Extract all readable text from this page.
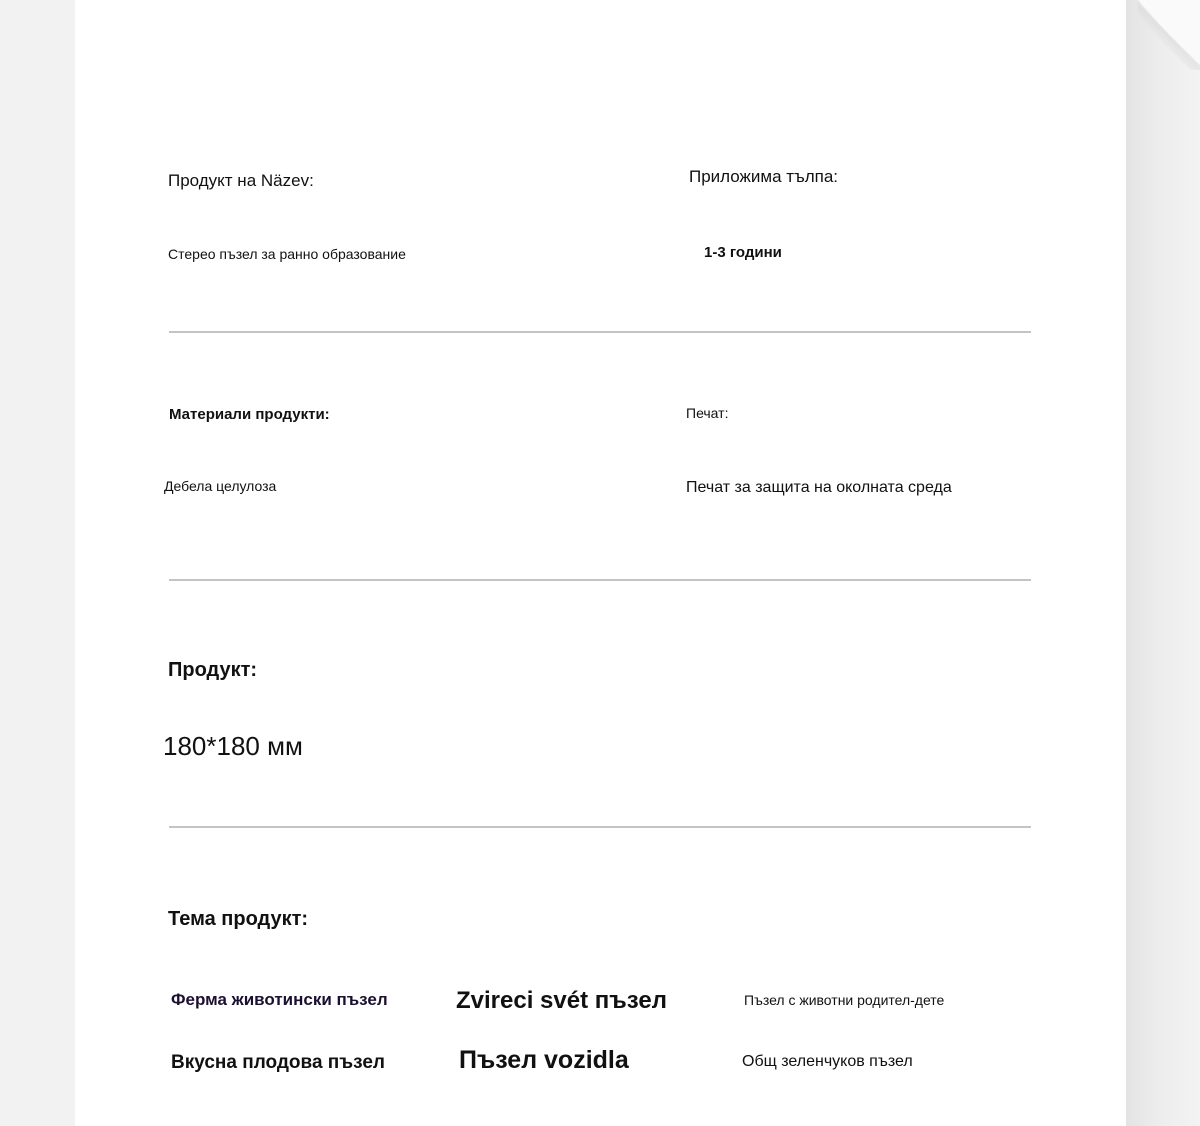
Продукт на Näzev:
Стерео пъзел за ранно образование
Приложима тълпа:
1-3 години
Материали продукти:
Дебела целулоза
Печат:
Печат за защита на околната среда
Продукт:
180*180 мм
Тема продукт:
Ферма животински пъзел	Zvireci svét пъзел	Пъзел с животни родител-дете
Вкусна плодова пъзел	Пъзел vozidla	Общ зеленчуков пъзел
